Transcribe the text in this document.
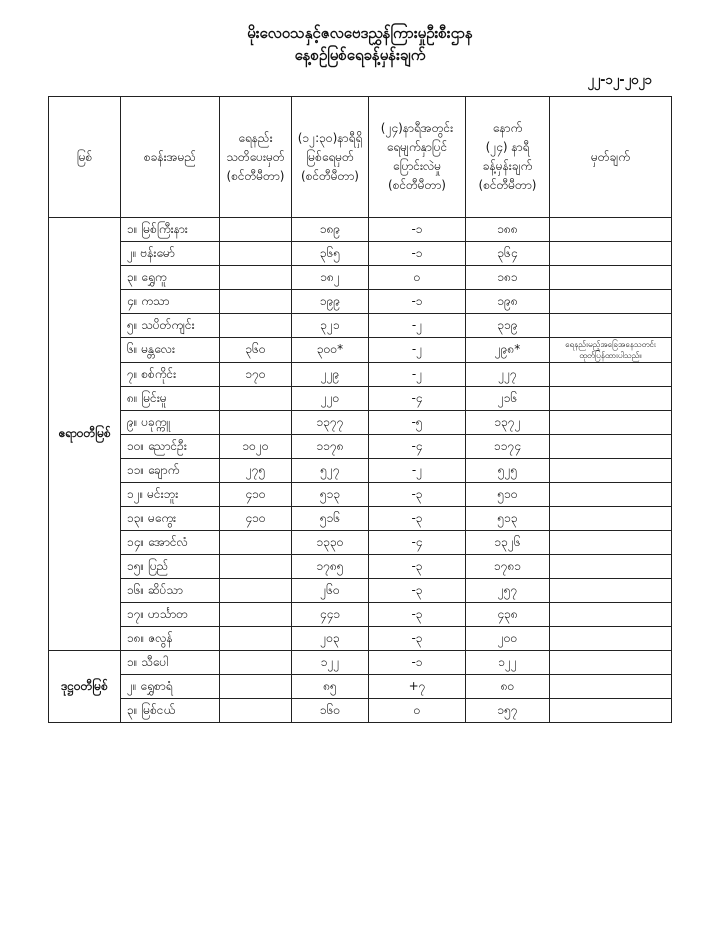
မိုးလေဝသနှင့်ဇလဗေဒညွှန်ကြားမှုဦးစီးဌာန
နေ့စဉ်မြစ်ရေခန့်မှန်းချက်
၂၂-၁၂-၂၀၂၁
မြစ်	စခန်းအမည်	ရေနည်း
သတိပေးမှတ်
(စင်တီမီတာ)	(၁၂:၃၀)နာရီရှိ
မြစ်ရေမှတ်
(စင်တီမီတာ)	(၂၄)နာရီအတွင်း
ရေမျက်နှာပြင်
ပြောင်းလဲမှု
(စင်တီမီတာ)	နောက်
(၂၄) နာရီ
ခန့်မှန်းချက်
(စင်တီမီတာ)	မှတ်ချက်
ဧရာဝတီမြစ်	၁။ မြစ်ကြီးနား		၁၈၉	-၁	၁၈၈	
	၂။ ဗန်းမော်		၃၆၅	-၁	၃၆၄	
	၃။ ရွှေကူ		၁၈၂	၀	၁၈၁	
	၄။ ကသာ		၁၉၉	-၁	၁၉၈	
	၅။ သပိတ်ကျင်း		၃၂၁	-၂	၃၁၉	
	၆။ မန္တလေး	၃၆၀	၃၀၀*	-၂	၂၉၈*	ရေနည်းမည့်အခြေအနေသတင်း
ထုတ်ပြန်ထားပါသည်။
	၇။ စစ်ကိုင်း	၁၇၀	၂၂၉	-၂	၂၂၇	
	၈။ မြင်းမူ		၂၂၀	-၄	၂၁၆	
	၉။ ပခုက္ကူ		၁၃၇၇	-၅	၁၃၇၂	
	၁၀။ ညောင်ဦး	၁၀၂၀	၁၁၇၈	-၄	၁၁၇၄	
	၁၁။ ချောက်	၂၇၅	၅၂၇	-၂	၅၂၅	
	၁၂။ မင်းဘူး	၄၁၀	၅၁၃	-၃	၅၁၀	
	၁၃။ မကွေး	၄၁၀	၅၁၆	-၃	၅၁၃	
	၁၄။ အောင်လံ		၁၃၃၀	-၄	၁၃၂၆	
	၁၅။ ပြည်		၁၇၈၅	-၃	၁၇၈၁	
	၁၆။ ဆိပ်သာ		၂၆၀	-၃	၂၅၇	
	၁၇။ ဟင်္သာတ		၄၄၁	-၃	၄၃၈	
	၁၈။ ဇလွန်		၂၀၃	-၃	၂၀၀	
ဒုဋ္ဌဝတီမြစ်	၁။ သီပေါ		၁၂၂	-၁	၁၂၂	
	၂။ ရွှေစာရံ		၈၅	+၇	၈၀	
	၃။ မြစ်ငယ်		၁၆၀	၀	၁၅၇	
